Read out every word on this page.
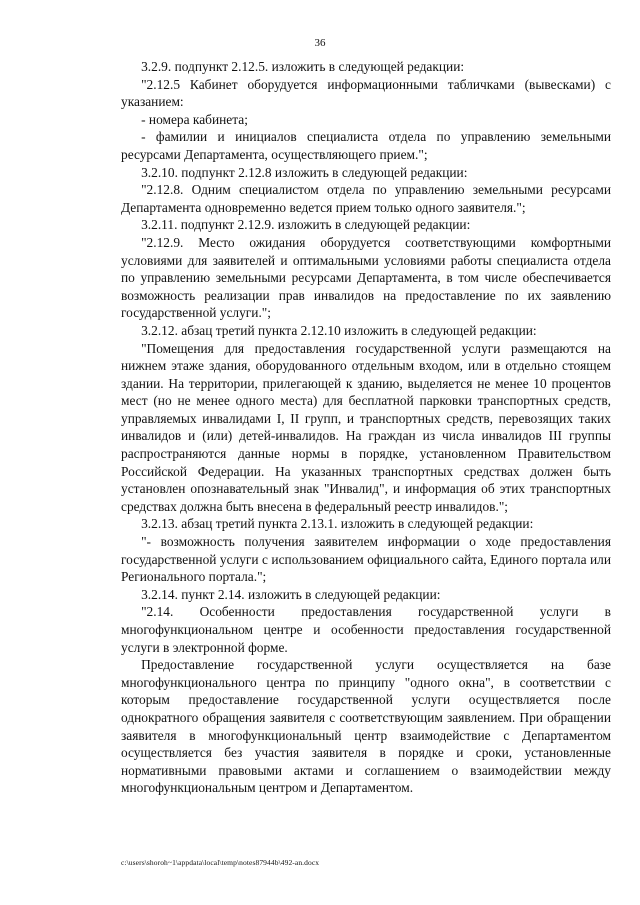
36

3.2.9. подпункт 2.12.5. изложить в следующей редакции:

"2.12.5 Кабинет оборудуется информационными табличками (вывесками) с указанием:

- номера кабинета;

- фамилии и инициалов специалиста отдела по управлению земельными ресурсами Департамента, осуществляющего прием.";

3.2.10. подпункт 2.12.8 изложить в следующей редакции:

"2.12.8. Одним специалистом отдела по управлению земельными ресурсами Департамента одновременно ведется прием только одного заявителя.";

3.2.11. подпункт 2.12.9. изложить в следующей редакции:

"2.12.9. Место ожидания оборудуется соответствующими комфортными условиями для заявителей и оптимальными условиями работы специалиста отдела по управлению земельными ресурсами Департамента, в том числе обеспечивается возможность реализации прав инвалидов на предоставление по их заявлению государственной услуги.";

3.2.12. абзац третий пункта 2.12.10 изложить в следующей редакции:

"Помещения для предоставления государственной услуги размещаются на нижнем этаже здания, оборудованного отдельным входом, или в отдельно стоящем здании. На территории, прилегающей к зданию, выделяется не менее 10 процентов мест (но не менее одного места) для бесплатной парковки транспортных средств, управляемых инвалидами I, II групп, и транспортных средств, перевозящих таких инвалидов и (или) детей-инвалидов. На граждан из числа инвалидов III группы распространяются данные нормы в порядке, установленном Правительством Российской Федерации. На указанных транспортных средствах должен быть установлен опознавательный знак "Инвалид", и информация об этих транспортных средствах должна быть внесена в федеральный реестр инвалидов.";

3.2.13. абзац третий пункта 2.13.1. изложить в следующей редакции:

"- возможность получения заявителем информации о ходе предоставления государственной услуги с использованием официального сайта, Единого портала или Регионального портала.";

3.2.14. пункт 2.14. изложить в следующей редакции:

"2.14. Особенности предоставления государственной услуги в многофункциональном центре и особенности предоставления государственной услуги в электронной форме.

Предоставление государственной услуги осуществляется на базе многофункционального центра по принципу "одного окна", в соответствии с которым предоставление государственной услуги осуществляется после однократного обращения заявителя с соответствующим заявлением. При обращении заявителя в многофункциональный центр взаимодействие с Департаментом осуществляется без участия заявителя в порядке и сроки, установленные нормативными правовыми актами и соглашением о взаимодействии между многофункциональным центром и Департаментом.

c:\users\shoroh~1\appdata\local\temp\notes87944b\492-an.docx
